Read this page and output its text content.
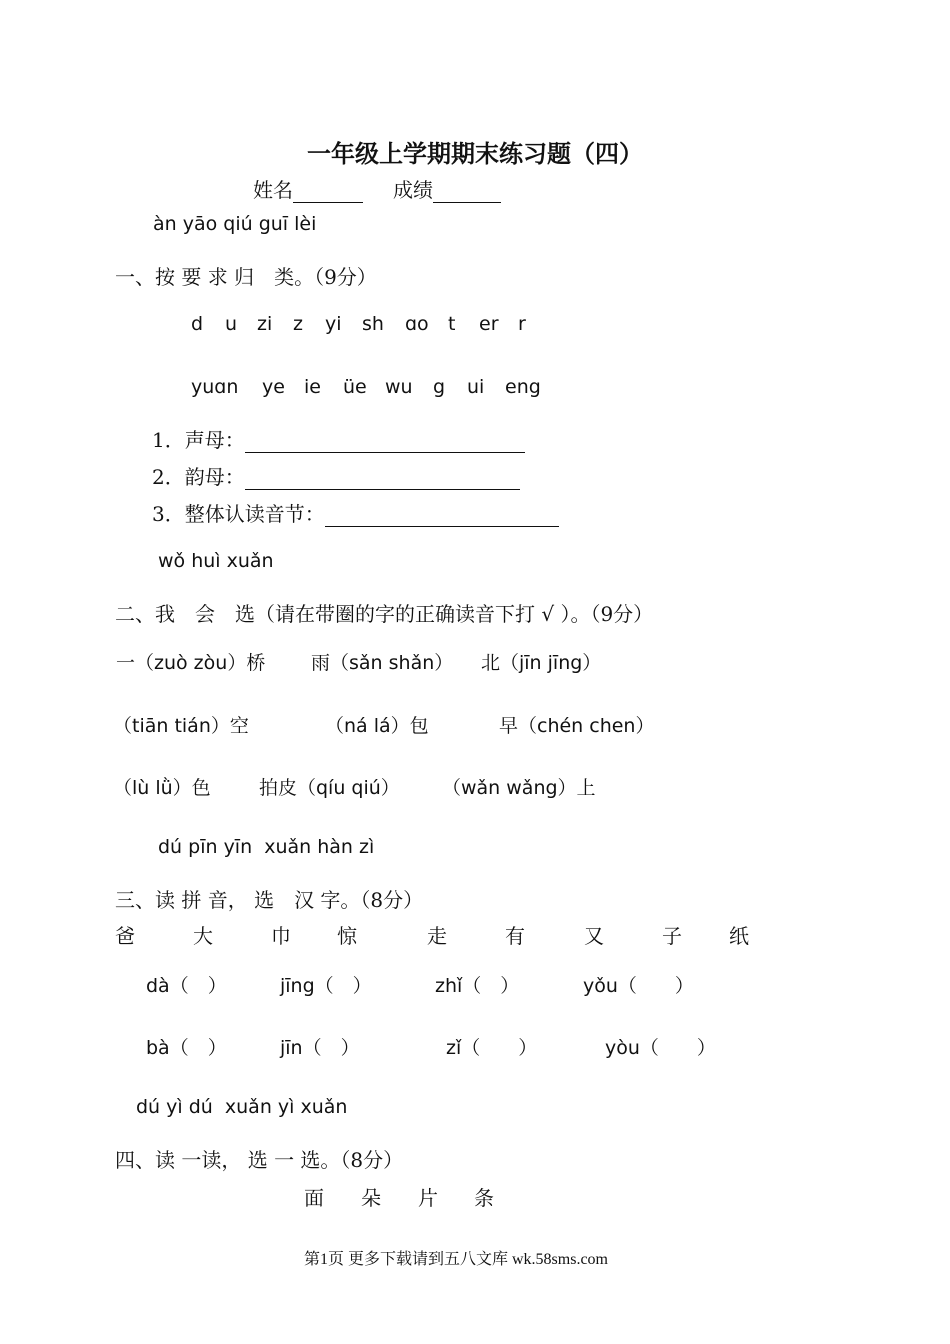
一年级上学期期末练习题（四）
姓名	成绩
àn yāo qiú guī lèi
一、按 要 求 归　类。（9分）
d u zi z yi sh ɑo t er r
yuɑn ye ie üe wu g ui eng
1．声母：
2．韵母：
3．整体认读音节：
wǒ huì xuǎn
二、我　会　选（请在带圈的字的正确读音下打 √ ）。（9分）
一（zuò zòu）桥 雨（sǎn shǎn） 北（jīn jīng）
（tiān tián）空	（ná lá）包	早（chén chen）
（lù lǜ）色	拍皮（qíu qiú） （wǎn wǎng）上
dú pīn yīn  xuǎn hàn zì
三、读 拼 音， 选　汉 字。（8分）
爸	大	巾 惊	走	有	又	子 纸
dà（　）	jīng（　）	zhǐ（　）	yǒu（　　）
bà（　）	jīn（　）	zǐ（　　）	yòu（　　）
dú yì dú  xuǎn yì xuǎn
四、读 一读， 选 一 选。（8分）
面 朵 片 条
第1页 更多下载请到五八文库 wk.58sms.com
